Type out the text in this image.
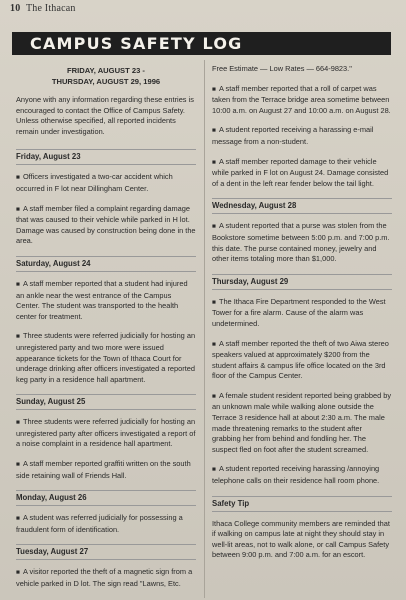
10 The Ithacan
CAMPUS SAFETY LOG
FRIDAY, AUGUST 23 -
THURSDAY, AUGUST 29, 1996

Anyone with any information regarding these entries is encouraged to contact the Office of Campus Safety. Unless otherwise specified, all reported incidents remain under investigation.

Friday, August 23

■ Officers investigated a two-car accident which occurred in F lot near Dillingham Center.

■ A staff member filed a complaint regarding damage that was caused to their vehicle while parked in H lot. Damage was caused by construction being done in the area.

Saturday, August 24

■ A staff member reported that a student had injured an ankle near the west entrance of the Campus Center. The student was transported to the health center for treatment.

■ Three students were referred judicially for hosting an unregistered party and two more were issued appearance tickets for the Town of Ithaca Court for underage drinking after officers investigated a reported keg party in a residence hall apartment.

Sunday, August 25

■ Three students were referred judicially for hosting an unregistered party after officers investigated a report of a noise complaint in a residence hall apartment.

■ A staff member reported graffiti written on the south side retaining wall of Friends Hall.

Monday, August 26

■ A student was referred judicially for possessing a fraudulent form of identification.

Tuesday, August 27

■ A visitor reported the theft of a magnetic sign from a vehicle parked in D lot. The sign read "Lawns, Etc.

Free Estimate — Low Rates — 664-9823."

■ A staff member reported that a roll of carpet was taken from the Terrace bridge area sometime between 10:00 a.m. on August 27 and 10:00 a.m. on August 28.

■ A student reported receiving a harassing e-mail message from a non-student.

■ A staff member reported damage to their vehicle while parked in F lot on August 24. Damage consisted of a dent in the left rear fender below the tail light.

Wednesday, August 28

■ A student reported that a purse was stolen from the Bookstore sometime between 5:00 p.m. and 7:00 p.m. this date. The purse contained money, jewelry and other items totaling more than $1,000.

Thursday, August 29

■ The Ithaca Fire Department responded to the West Tower for a fire alarm. Cause of the alarm was undetermined.

■ A staff member reported the theft of two Aiwa stereo speakers valued at approximately $200 from the student affairs & campus life office located on the 3rd floor of the Campus Center.

■ A female student resident reported being grabbed by an unknown male while walking alone outside the Terrace 3 residence hall at about 2:30 a.m. The male made threatening remarks to the student after grabbing her from behind and fondling her. The suspect fled on foot after the student screamed.

■ A student reported receiving harassing /annoying telephone calls on their residence hall room phone.

Safety Tip

Ithaca College community members are reminded that if walking on campus late at night they should stay in well-lit areas, not to walk alone, or call Campus Safety between 9:00 p.m. and 7:00 a.m. for an escort.
